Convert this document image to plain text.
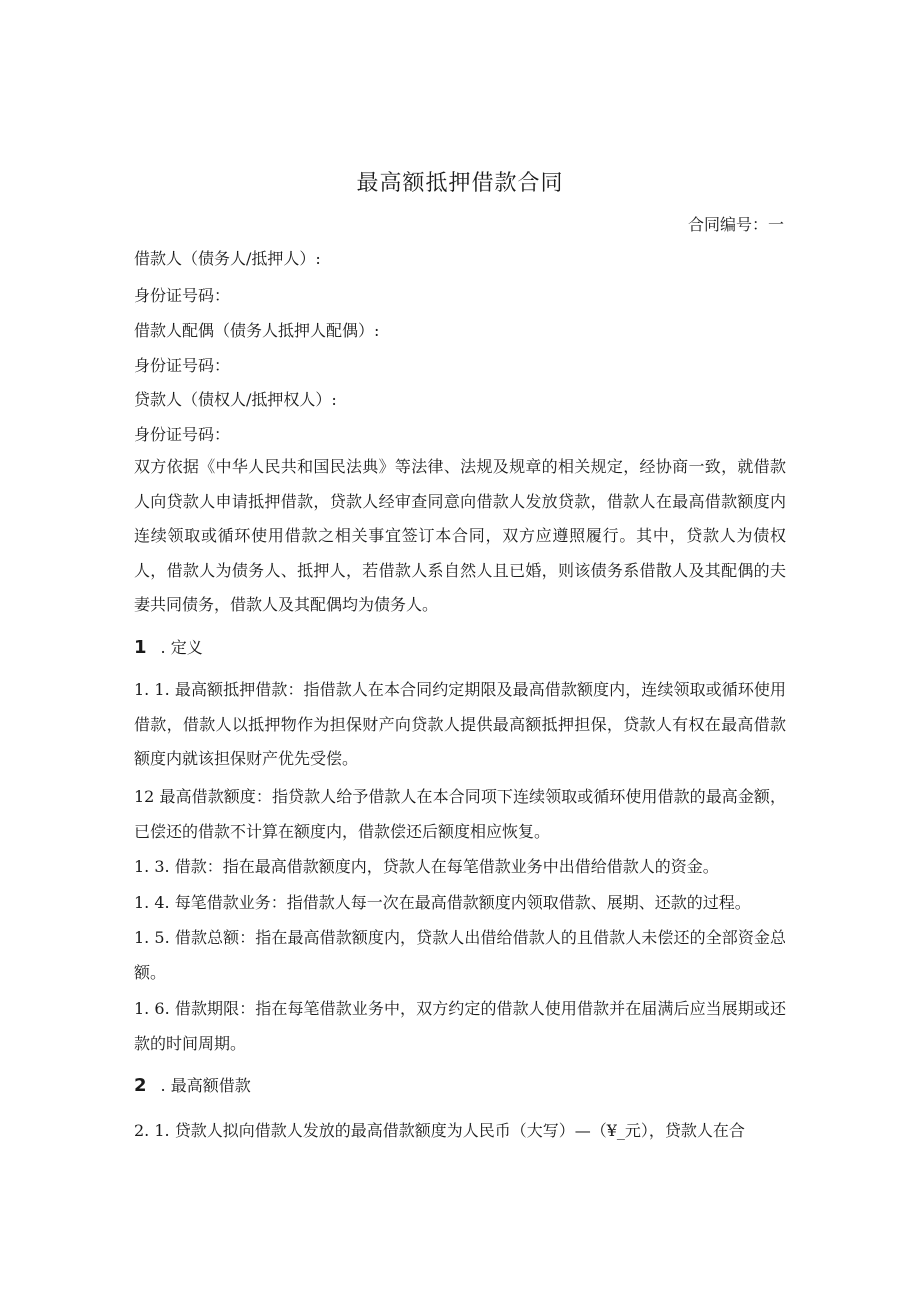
最高额抵押借款合同
合同编号：一
借款人（债务人/抵押人）:
身份证号码：
借款人配偶（债务人抵押人配偶）:
身份证号码：
贷款人（债权人/抵押权人）:
身份证号码：
双方依据《中华人民共和国民法典》等法律、法规及规章的相关规定，经协商一致，就借款人向贷款人申请抵押借款，贷款人经审查同意向借款人发放贷款，借款人在最高借款额度内连续领取或循环使用借款之相关事宜签订本合同，双方应遵照履行。其中，贷款人为债权人，借款人为债务人、抵押人，若借款人系自然人且已婚，则该债务系借散人及其配偶的夫妻共同债务，借款人及其配偶均为债务人。
1 . 定义
1. 1. 最高额抵押借款：指借款人在本合同约定期限及最高借款额度内，连续领取或循环使用借款，借款人以抵押物作为担保财产向贷款人提供最高额抵押担保，贷款人有权在最高借款额度内就该担保财产优先受偿。
12 最高借款额度：指贷款人给予借款人在本合同项下连续领取或循环使用借款的最高金额，已偿还的借款不计算在额度内，借款偿还后额度相应恢复。
1. 3. 借款：指在最高借款额度内，贷款人在每笔借款业务中出借给借款人的资金。
1. 4. 每笔借款业务：指借款人每一次在最高借款额度内领取借款、展期、还款的过程。
1. 5. 借款总额：指在最高借款额度内，贷款人出借给借款人的且借款人未偿还的全部资金总额。
1. 6. 借款期限：指在每笔借款业务中，双方约定的借款人使用借款并在届满后应当展期或还款的时间周期。
2 . 最高额借款
2. 1. 贷款人拟向借款人发放的最高借款额度为人民币（大写）—（¥_元），贷款人在合
